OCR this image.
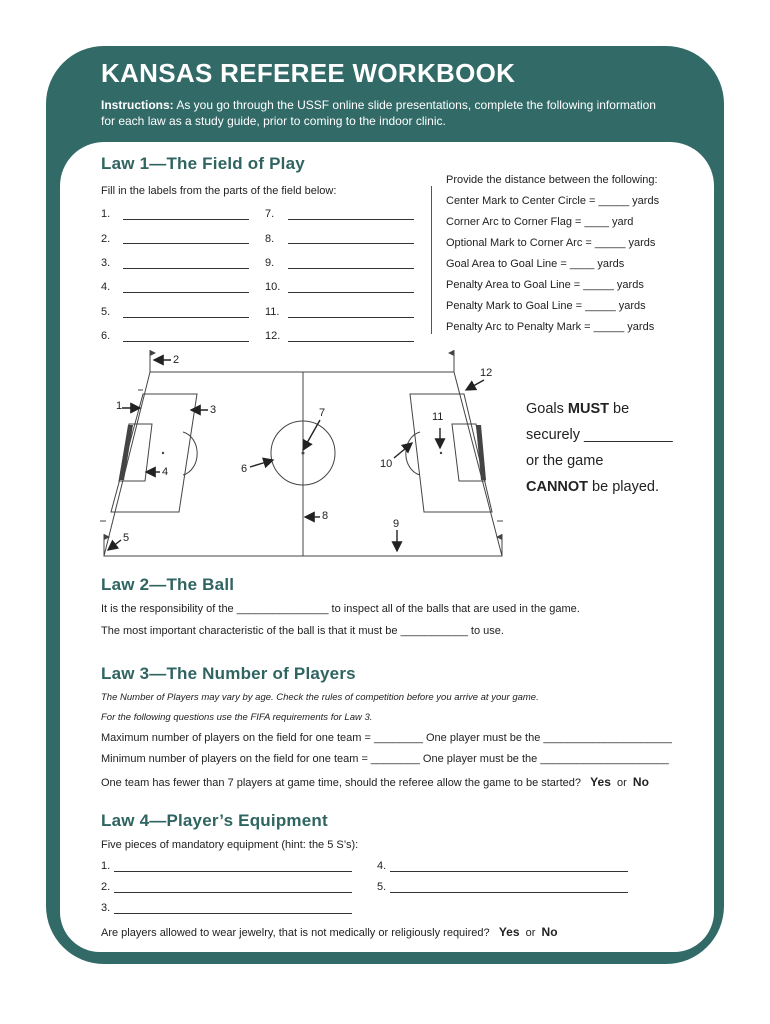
KANSAS REFEREE WORKBOOK
Instructions: As you go through the USSF online slide presentations, complete the following information for each law as a study guide, prior to coming to the indoor clinic.
Law 1—The Field of Play
Fill in the labels from the parts of the field below:
1.
2.
3.
4.
5.
6.
7.
8.
9.
10.
11.
12.
Provide the distance between the following:
Center Mark to Center Circle = _____ yards
Corner Arc to Corner Flag = ____ yard
Optional Mark to Corner Arc = _____ yards
Goal Area to Goal Line = ____ yards
Penalty Area to Goal Line = _____ yards
Penalty Mark to Goal Line = _____ yards
Penalty Arc to Penalty Mark = _____ yards
1
2
3
4
5
6
7
8
9
10
11
12
Goals MUST be
securely ___________
or the game
CANNOT be played.
Law 2—The Ball
It is the responsibility of the _______________ to inspect all of the balls that are used in the game.
The most important characteristic of the ball is that it must be ___________ to use.
Law 3—The Number of Players
The Number of Players may vary by age. Check the rules of competition before you arrive at your game.
For the following questions use the FIFA requirements for Law 3.
Maximum number of players on the field for one team = ________ One player must be the _____________________
Minimum number of players on the field for one team = ________ One player must be the _____________________
One team has fewer than 7 players at game time, should the referee allow the game to be started? Yes or No
Law 4—Player’s Equipment
Five pieces of mandatory equipment (hint: the 5 S’s):
1.
2.
3.
4.
5.
Are players allowed to wear jewelry, that is not medically or religiously required? Yes or No
